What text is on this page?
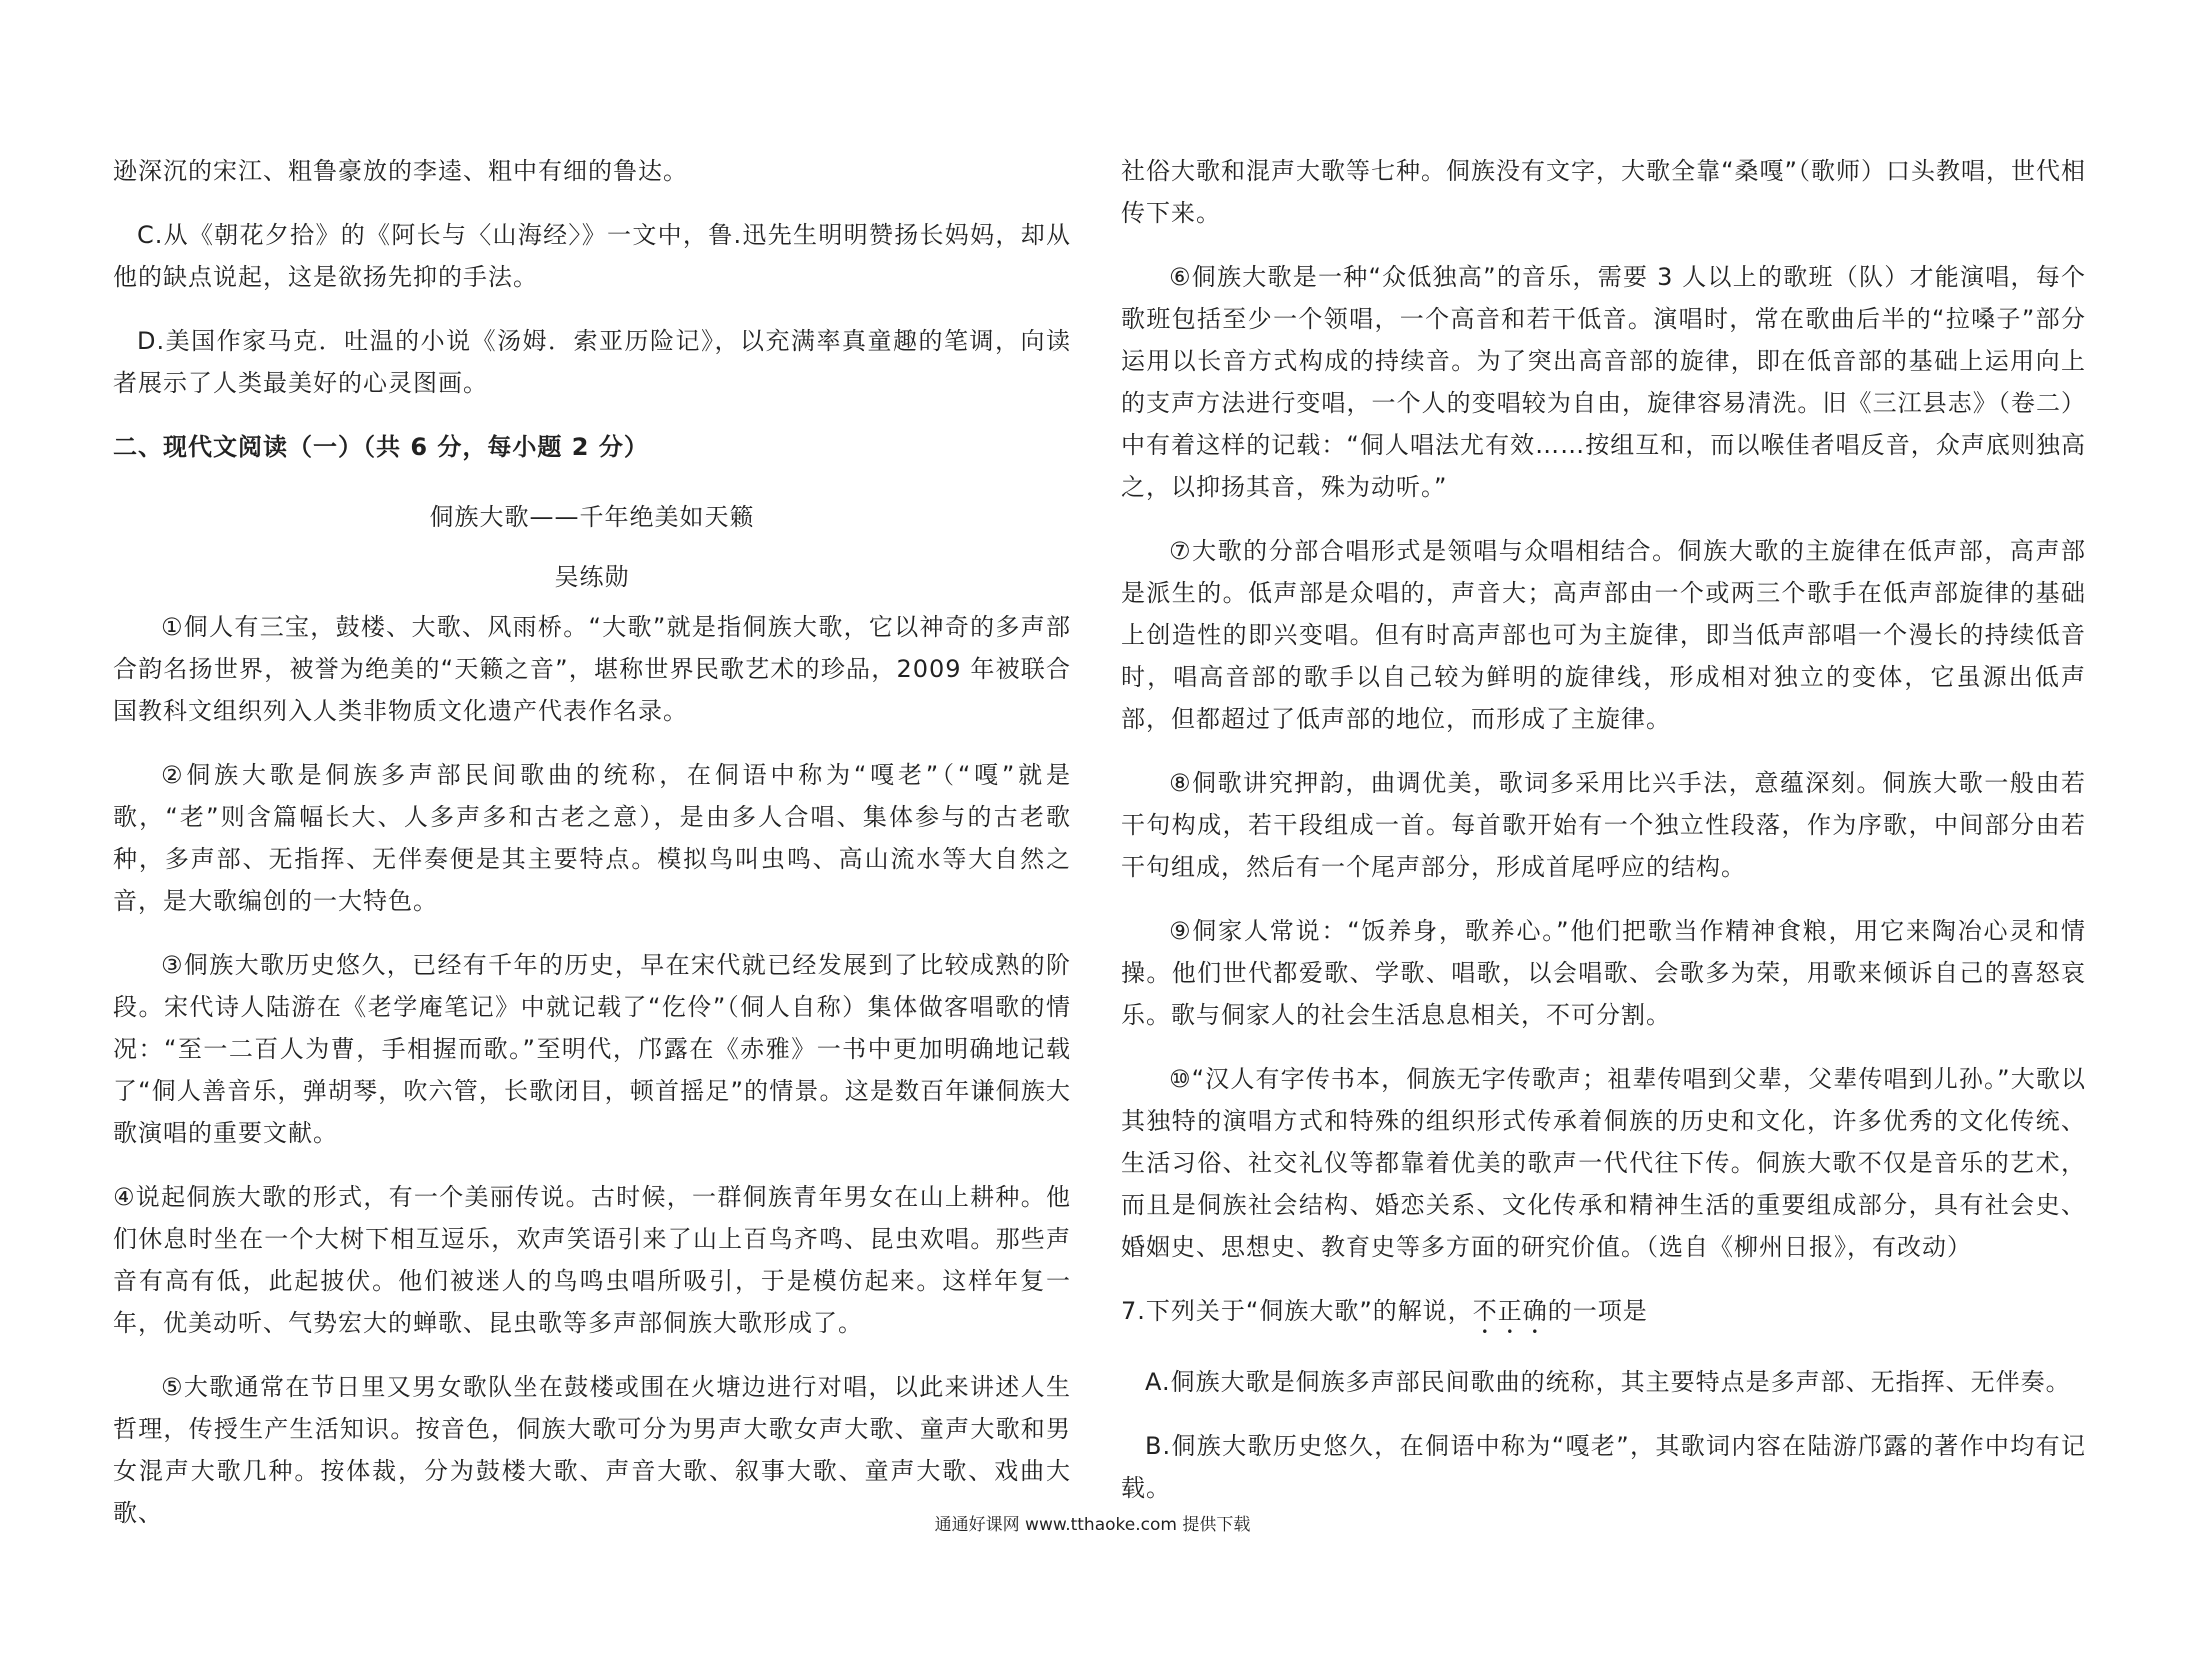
逊深沉的宋江、粗鲁豪放的李逵、粗中有细的鲁达。

C.从《朝花夕拾》的《阿长与〈山海经〉》一文中，鲁.迅先生明明赞扬长妈妈，却从他的缺点说起，这是欲扬先抑的手法。

D.美国作家马克．吐温的小说《汤姆．索亚历险记》，以充满率真童趣的笔调，向读者展示了人类最美好的心灵图画。

二、现代文阅读（一）（共 6 分，每小题 2 分）

侗族大歌——千年绝美如天籁

吴练勋

①侗人有三宝，鼓楼、大歌、风雨桥。“大歌”就是指侗族大歌，它以神奇的多声部合韵名扬世界，被誉为绝美的“天籁之音”，堪称世界民歌艺术的珍品，2009 年被联合国教科文组织列入人类非物质文化遗产代表作名录。

②侗族大歌是侗族多声部民间歌曲的统称，在侗语中称为“嘎老”（“嘎”就是歌，“老”则含篇幅长大、人多声多和古老之意），是由多人合唱、集体参与的古老歌种，多声部、无指挥、无伴奏便是其主要特点。模拟鸟叫虫鸣、高山流水等大自然之音，是大歌编创的一大特色。

③侗族大歌历史悠久，已经有千年的历史，早在宋代就已经发展到了比较成熟的阶段。宋代诗人陆游在《老学庵笔记》中就记载了“仡伶”（侗人自称）集体做客唱歌的情况：“至一二百人为曹，手相握而歌。”至明代，邝露在《赤雅》一书中更加明确地记载了“侗人善音乐，弹胡琴，吹六管，长歌闭目，顿首摇足”的情景。这是数百年谦侗族大歌演唱的重要文献。

④说起侗族大歌的形式，有一个美丽传说。古时候，一群侗族青年男女在山上耕种。他们休息时坐在一个大树下相互逗乐，欢声笑语引来了山上百鸟齐鸣、昆虫欢唱。那些声音有高有低，此起披伏。他们被迷人的鸟鸣虫唱所吸引，于是模仿起来。这样年复一年，优美动听、气势宏大的蝉歌、昆虫歌等多声部侗族大歌形成了。

⑤大歌通常在节日里又男女歌队坐在鼓楼或围在火塘边进行对唱，以此来讲述人生哲理，传授生产生活知识。按音色，侗族大歌可分为男声大歌女声大歌、童声大歌和男女混声大歌几种。按体裁，分为鼓楼大歌、声音大歌、叙事大歌、童声大歌、戏曲大歌、

社俗大歌和混声大歌等七种。侗族没有文字，大歌全靠“桑嘎”（歌师）口头教唱，世代相传下来。

⑥侗族大歌是一种“众低独高”的音乐，需要 3 人以上的歌班（队）才能演唱，每个歌班包括至少一个领唱，一个高音和若干低音。演唱时，常在歌曲后半的“拉嗓子”部分运用以长音方式构成的持续音。为了突出高音部的旋律，即在低音部的基础上运用向上的支声方法进行变唱，一个人的变唱较为自由，旋律容易清洗。旧《三江县志》（卷二）中有着这样的记载：“侗人唱法尤有效……按组互和，而以喉佳者唱反音，众声底则独高之，以抑扬其音，殊为动听。”

⑦大歌的分部合唱形式是领唱与众唱相结合。侗族大歌的主旋律在低声部，高声部是派生的。低声部是众唱的，声音大；高声部由一个或两三个歌手在低声部旋律的基础上创造性的即兴变唱。但有时高声部也可为主旋律，即当低声部唱一个漫长的持续低音时，唱高音部的歌手以自己较为鲜明的旋律线，形成相对独立的变体，它虽源出低声部，但都超过了低声部的地位，而形成了主旋律。

⑧侗歌讲究押韵，曲调优美，歌词多采用比兴手法，意蕴深刻。侗族大歌一般由若干句构成，若干段组成一首。每首歌开始有一个独立性段落，作为序歌，中间部分由若干句组成，然后有一个尾声部分，形成首尾呼应的结构。

⑨侗家人常说：“饭养身，歌养心。”他们把歌当作精神食粮，用它来陶冶心灵和情操。他们世代都爱歌、学歌、唱歌，以会唱歌、会歌多为荣，用歌来倾诉自己的喜怒哀乐。歌与侗家人的社会生活息息相关，不可分割。

⑩“汉人有字传书本，侗族无字传歌声；祖辈传唱到父辈，父辈传唱到儿孙。”大歌以其独特的演唱方式和特殊的组织形式传承着侗族的历史和文化，许多优秀的文化传统、生活习俗、社交礼仪等都靠着优美的歌声一代代往下传。侗族大歌不仅是音乐的艺术，而且是侗族社会结构、婚恋关系、文化传承和精神生活的重要组成部分，具有社会史、婚姻史、思想史、教育史等多方面的研究价值。（选自《柳州日报》，有改动）

7.下列关于“侗族大歌”的解说，不正确的一项是

A.侗族大歌是侗族多声部民间歌曲的统称，其主要特点是多声部、无指挥、无伴奏。

B.侗族大歌历史悠久，在侗语中称为“嘎老”，其歌词内容在陆游邝露的著作中均有记载。

通通好课网 www.tthaoke.com 提供下载
